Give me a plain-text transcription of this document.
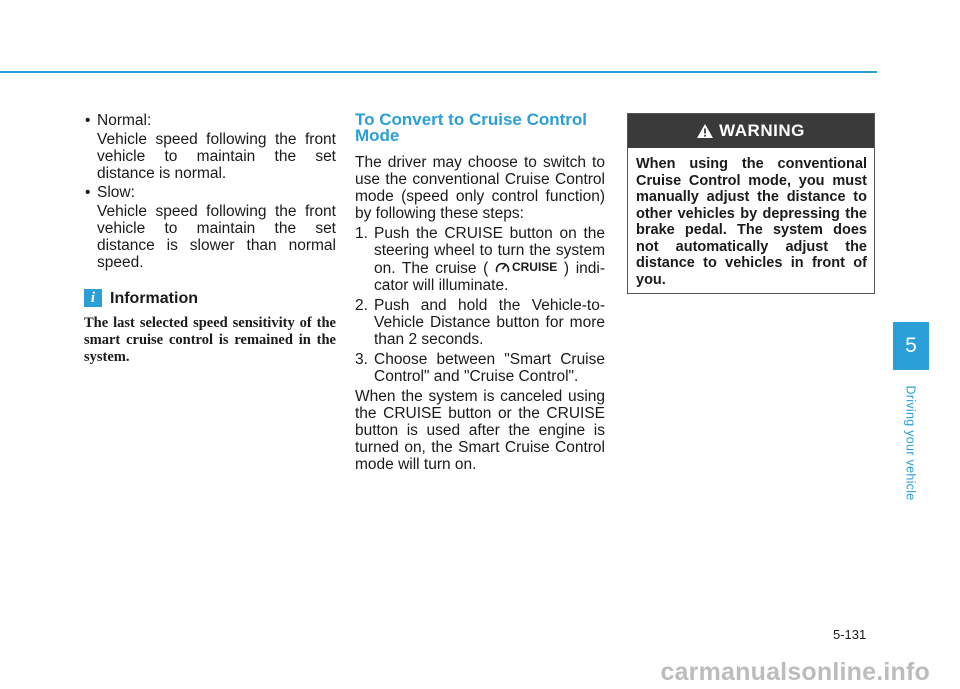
• Normal:

Vehicle speed following the front vehicle to maintain the set distance is normal.

• Slow:

Vehicle speed following the front vehicle to maintain the set distance is slower than normal speed.

i Information

The last selected speed sensitivity of the smart cruise control is remained in the system.

To Convert to Cruise Control Mode

The driver may choose to switch to use the conventional Cruise Control mode (speed only control function) by following these steps:

1. Push the CRUISE button on the steering wheel to turn the system on. The cruise ( CRUISE ) indicator will illuminate.
2. Push and hold the Vehicle-to-Vehicle Distance button for more than 2 seconds.
3. Choose between "Smart Cruise Control" and "Cruise Control".

When the system is canceled using the CRUISE button or the CRUISE button is used after the engine is turned on, the Smart Cruise Control mode will turn on.

WARNING

When using the conventional Cruise Control mode, you must manually adjust the distance to other vehicles by depressing the brake pedal. The system does not automatically adjust the distance to vehicles in front of you.

5
Driving your vehicle
5-131
carmanualsonline.info
